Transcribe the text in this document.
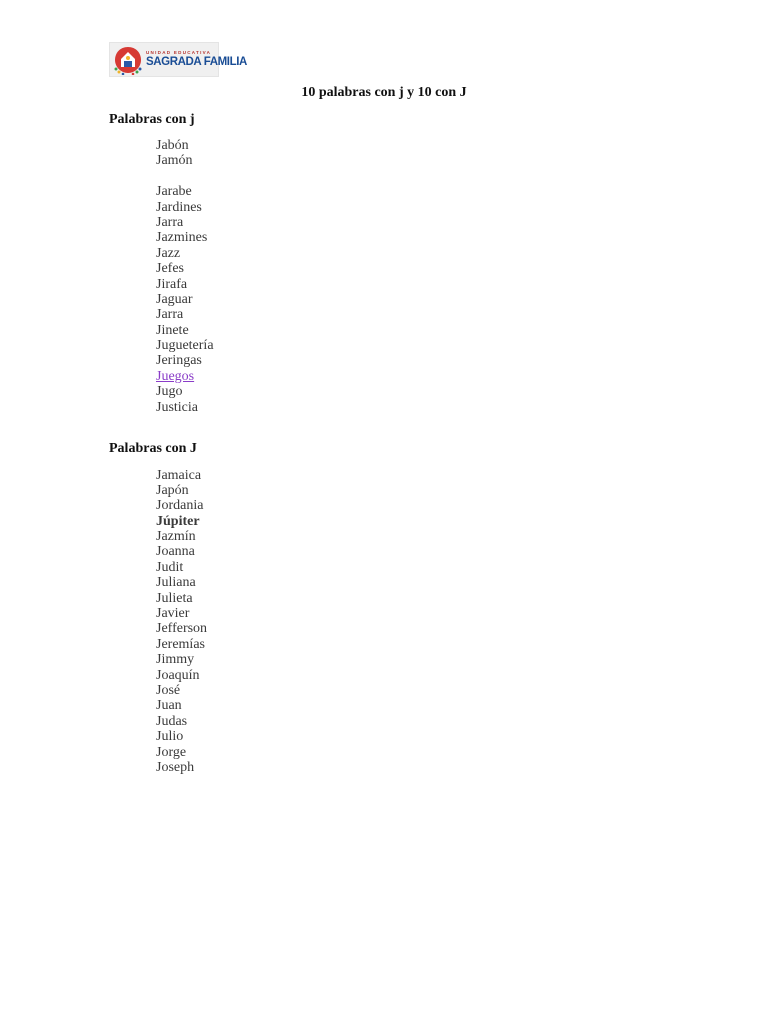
UNIDAD EDUCATIVA
SAGRADA FAMILIA
10 palabras con j y 10 con J
Palabras con j
Jabón
Jamón
Jarabe
Jardines
Jarra
Jazmines
Jazz
Jefes
Jirafa
Jaguar
Jarra
Jinete
Juguetería
Jeringas
Juegos
Jugo
Justicia
Palabras con J
Jamaica
Japón
Jordania
Júpiter
Jazmín
Joanna
Judit
Juliana
Julieta
Javier
Jefferson
Jeremías
Jimmy
Joaquín
José
Juan
Judas
Julio
Jorge
Joseph
